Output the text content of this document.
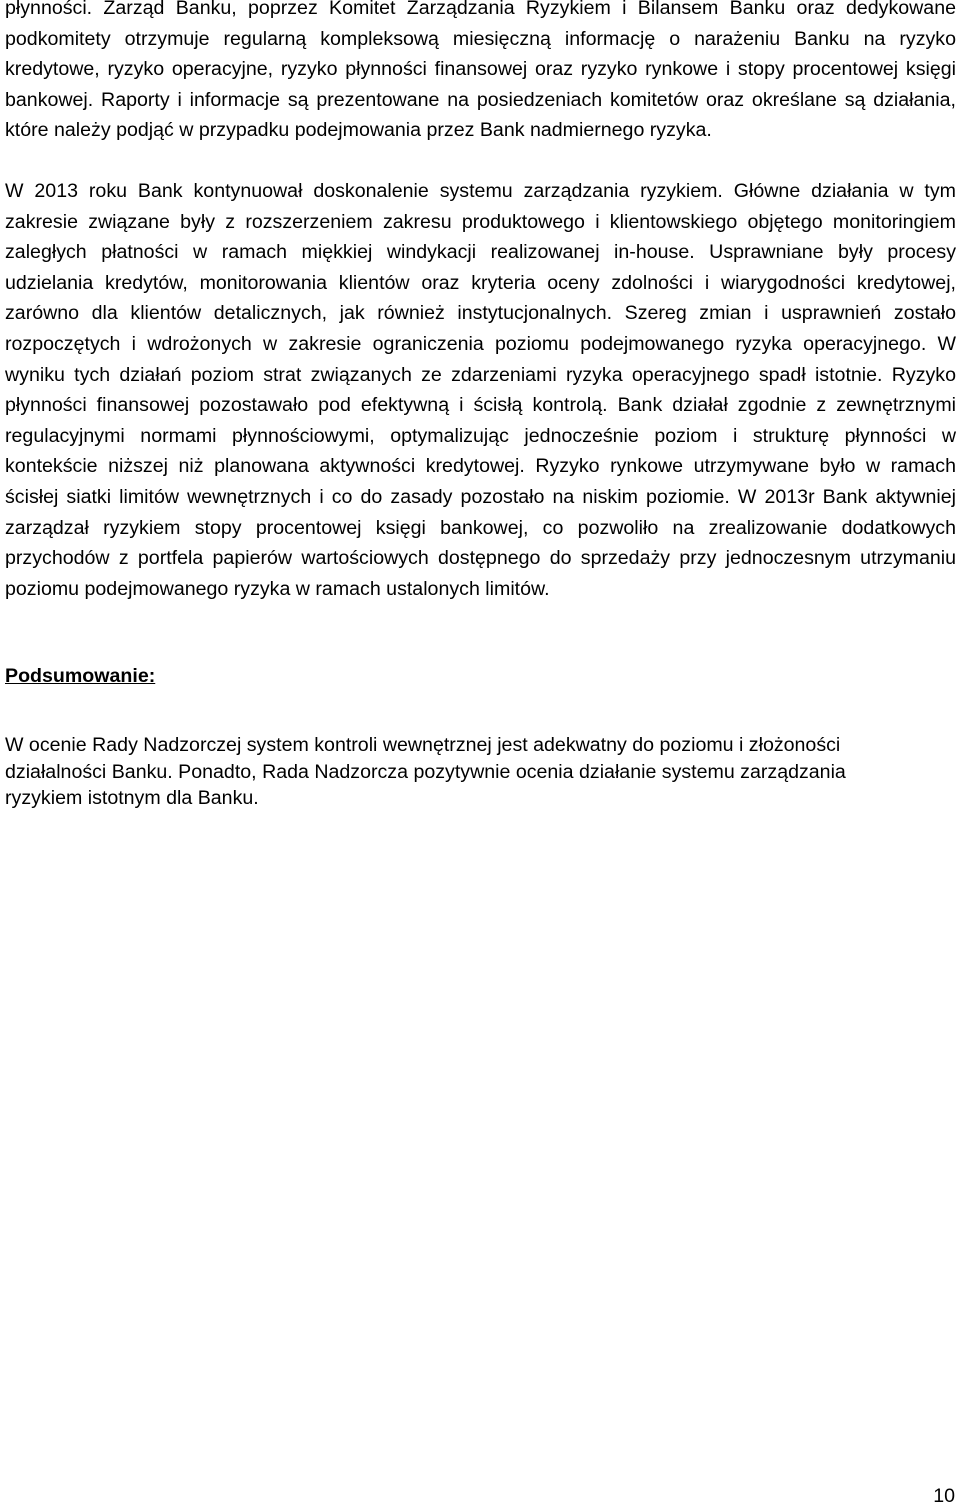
płynności. Zarząd Banku, poprzez Komitet Zarządzania Ryzykiem i Bilansem Banku oraz dedykowane podkomitety otrzymuje regularną kompleksową miesięczną informację o narażeniu Banku na ryzyko kredytowe, ryzyko operacyjne, ryzyko płynności finansowej oraz ryzyko rynkowe i stopy procentowej księgi bankowej. Raporty i informacje są prezentowane na posiedzeniach komitetów oraz określane są działania, które należy podjąć w przypadku podejmowania przez Bank nadmiernego ryzyka.

W 2013 roku Bank kontynuował doskonalenie systemu zarządzania ryzykiem. Główne działania w tym zakresie związane były z rozszerzeniem zakresu produktowego i klientowskiego objętego monitoringiem zaległych płatności w ramach miękkiej windykacji realizowanej in-house. Usprawniane były procesy udzielania kredytów, monitorowania klientów oraz kryteria oceny zdolności i wiarygodności kredytowej, zarówno dla klientów detalicznych, jak również instytucjonalnych. Szereg zmian i usprawnień zostało rozpoczętych i wdrożonych w zakresie ograniczenia poziomu podejmowanego ryzyka operacyjnego. W wyniku tych działań poziom strat związanych ze zdarzeniami ryzyka operacyjnego spadł istotnie. Ryzyko płynności finansowej pozostawało pod efektywną i ścisłą kontrolą. Bank działał zgodnie z zewnętrznymi regulacyjnymi normami płynnościowymi, optymalizując jednocześnie poziom i strukturę płynności w kontekście niższej niż planowana aktywności kredytowej. Ryzyko rynkowe utrzymywane było w ramach ścisłej siatki limitów wewnętrznych i co do zasady pozostało na niskim poziomie. W 2013r Bank aktywniej zarządzał ryzykiem stopy procentowej księgi bankowej, co pozwoliło na zrealizowanie dodatkowych przychodów z portfela papierów wartościowych dostępnego do sprzedaży przy jednoczesnym utrzymaniu poziomu podejmowanego ryzyka w ramach ustalonych limitów.

Podsumowanie:

W ocenie Rady Nadzorczej system kontroli wewnętrznej jest adekwatny do poziomu i złożoności działalności Banku. Ponadto, Rada Nadzorcza pozytywnie ocenia działanie systemu zarządzania ryzykiem istotnym dla Banku.

10
